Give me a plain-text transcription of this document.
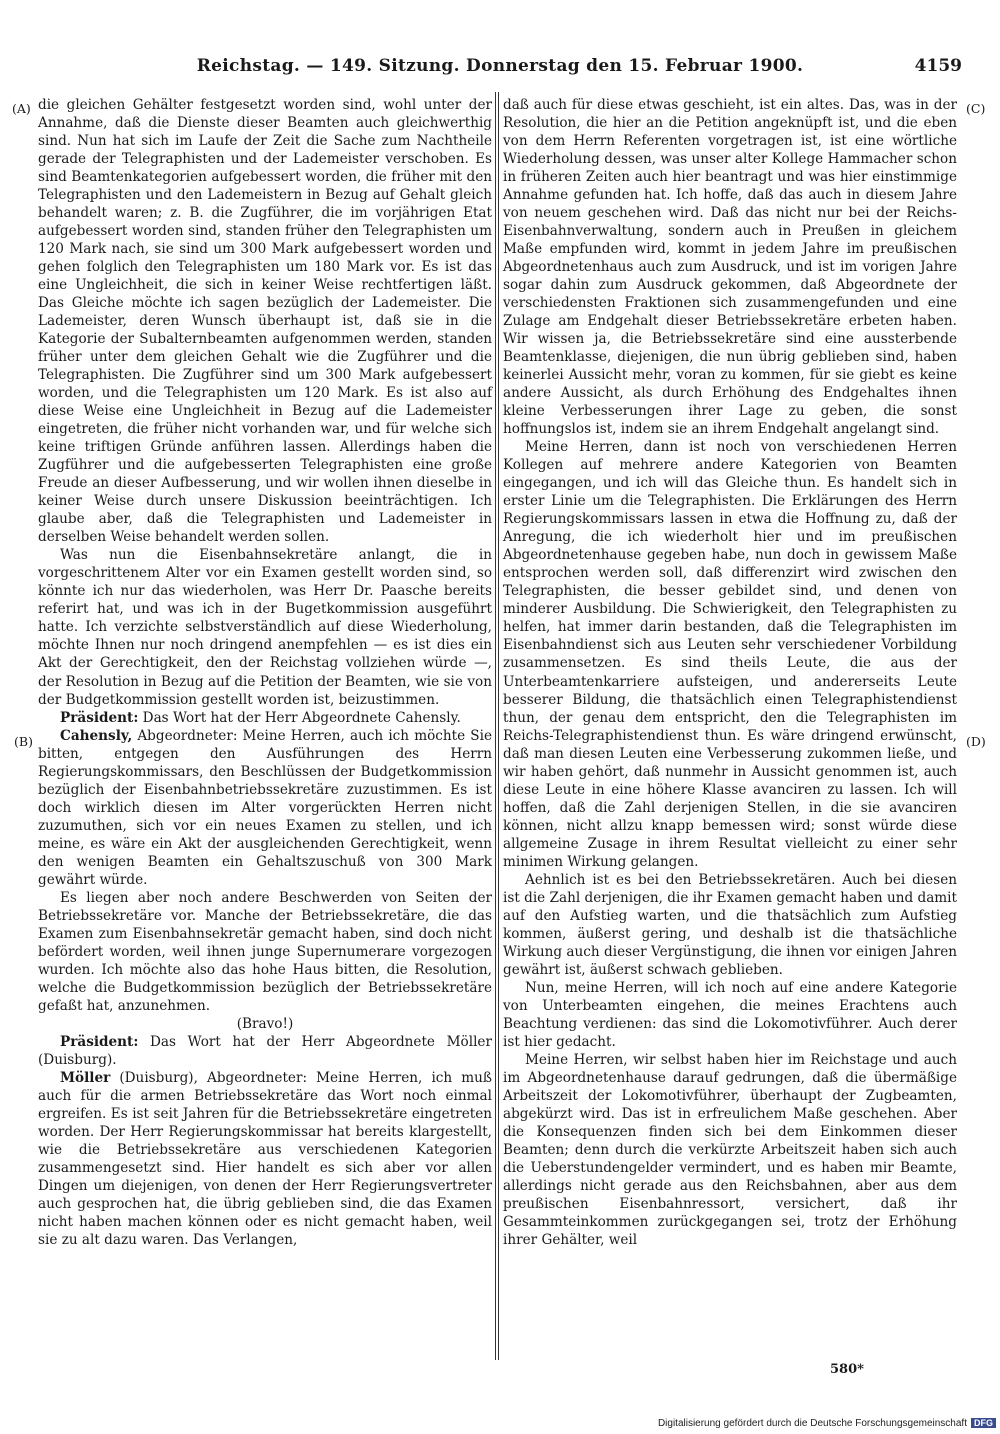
Reichstag. — 149. Sitzung. Donnerstag den 15. Februar 1900.	4159
(A)
(B)
(C)
(D)

die gleichen Gehälter festgesetzt worden sind, wohl unter der Annahme, daß die Dienste dieser Beamten auch gleichwerthig sind. Nun hat sich im Laufe der Zeit die Sache zum Nachtheile gerade der Telegraphisten und der Lademeister verschoben. Es sind Beamtenkategorien aufgebessert worden, die früher mit den Telegraphisten und den Lademeistern in Bezug auf Gehalt gleich behandelt waren; z. B. die Zugführer, die im vorjährigen Etat aufgebessert worden sind, standen früher den Telegraphisten um 120 Mark nach, sie sind um 300 Mark aufgebessert worden und gehen folglich den Telegraphisten um 180 Mark vor. Es ist das eine Ungleichheit, die sich in keiner Weise rechtfertigen läßt. Das Gleiche möchte ich sagen bezüglich der Lademeister. Die Lademeister, deren Wunsch überhaupt ist, daß sie in die Kategorie der Subalternbeamten aufgenommen werden, standen früher unter dem gleichen Gehalt wie die Zugführer und die Telegraphisten. Die Zugführer sind um 300 Mark aufgebessert worden, und die Telegraphisten um 120 Mark. Es ist also auf diese Weise eine Ungleichheit in Bezug auf die Lademeister eingetreten, die früher nicht vorhanden war, und für welche sich keine triftigen Gründe anführen lassen. Allerdings haben die Zugführer und die aufgebesserten Telegraphisten eine große Freude an dieser Aufbesserung, und wir wollen ihnen dieselbe in keiner Weise durch unsere Diskussion beeinträchtigen. Ich glaube aber, daß die Telegraphisten und Lademeister in derselben Weise behandelt werden sollen.

Was nun die Eisenbahnsekretäre anlangt, die in vorgeschrittenem Alter vor ein Examen gestellt worden sind, so könnte ich nur das wiederholen, was Herr Dr. Paasche bereits referirt hat, und was ich in der Bugetkommission ausgeführt hatte. Ich verzichte selbstverständlich auf diese Wiederholung, möchte Ihnen nur noch dringend anempfehlen — es ist dies ein Akt der Gerechtigkeit, den der Reichstag vollziehen würde —, der Resolution in Bezug auf die Petition der Beamten, wie sie von der Budgetkommission gestellt worden ist, beizustimmen.

Präsident: Das Wort hat der Herr Abgeordnete Cahensly.

Cahensly, Abgeordneter: Meine Herren, auch ich möchte Sie bitten, entgegen den Ausführungen des Herrn Regierungskommissars, den Beschlüssen der Budgetkommission bezüglich der Eisenbahnbetriebssekretäre zuzustimmen. Es ist doch wirklich diesen im Alter vorgerückten Herren nicht zuzumuthen, sich vor ein neues Examen zu stellen, und ich meine, es wäre ein Akt der ausgleichenden Gerechtigkeit, wenn den wenigen Beamten ein Gehaltszuschuß von 300 Mark gewährt würde.

Es liegen aber noch andere Beschwerden von Seiten der Betriebssekretäre vor. Manche der Betriebssekretäre, die das Examen zum Eisenbahnsekretär gemacht haben, sind doch nicht befördert worden, weil ihnen junge Supernumerare vorgezogen wurden. Ich möchte also das hohe Haus bitten, die Resolution, welche die Budgetkommission bezüglich der Betriebssekretäre gefaßt hat, anzunehmen.

(Bravo!)

Präsident: Das Wort hat der Herr Abgeordnete Möller (Duisburg).

Möller (Duisburg), Abgeordneter: Meine Herren, ich muß auch für die armen Betriebssekretäre das Wort noch einmal ergreifen. Es ist seit Jahren für die Betriebssekretäre eingetreten worden. Der Herr Regierungskommissar hat bereits klargestellt, wie die Betriebssekretäre aus verschiedenen Kategorien zusammengesetzt sind. Hier handelt es sich aber vor allen Dingen um diejenigen, von denen der Herr Regierungsvertreter auch gesprochen hat, die übrig geblieben sind, die das Examen nicht haben machen können oder es nicht gemacht haben, weil sie zu alt dazu waren. Das Verlangen,

daß auch für diese etwas geschieht, ist ein altes. Das, was in der Resolution, die hier an die Petition angeknüpft ist, und die eben von dem Herrn Referenten vorgetragen ist, ist eine wörtliche Wiederholung dessen, was unser alter Kollege Hammacher schon in früheren Zeiten auch hier beantragt und was hier einstimmige Annahme gefunden hat. Ich hoffe, daß das auch in diesem Jahre von neuem geschehen wird. Daß das nicht nur bei der Reichs-Eisenbahnverwaltung, sondern auch in Preußen in gleichem Maße empfunden wird, kommt in jedem Jahre im preußischen Abgeordnetenhaus auch zum Ausdruck, und ist im vorigen Jahre sogar dahin zum Ausdruck gekommen, daß Abgeordnete der verschiedensten Fraktionen sich zusammengefunden und eine Zulage am Endgehalt dieser Betriebssekretäre erbeten haben. Wir wissen ja, die Betriebssekretäre sind eine aussterbende Beamtenklasse, diejenigen, die nun übrig geblieben sind, haben keinerlei Aussicht mehr, voran zu kommen, für sie giebt es keine andere Aussicht, als durch Erhöhung des Endgehaltes ihnen kleine Verbesserungen ihrer Lage zu geben, die sonst hoffnungslos ist, indem sie an ihrem Endgehalt angelangt sind.

Meine Herren, dann ist noch von verschiedenen Herren Kollegen auf mehrere andere Kategorien von Beamten eingegangen, und ich will das Gleiche thun. Es handelt sich in erster Linie um die Telegraphisten. Die Erklärungen des Herrn Regierungskommissars lassen in etwa die Hoffnung zu, daß der Anregung, die ich wiederholt hier und im preußischen Abgeordnetenhause gegeben habe, nun doch in gewissem Maße entsprochen werden soll, daß differenzirt wird zwischen den Telegraphisten, die besser gebildet sind, und denen von minderer Ausbildung. Die Schwierigkeit, den Telegraphisten zu helfen, hat immer darin bestanden, daß die Telegraphisten im Eisenbahndienst sich aus Leuten sehr verschiedener Vorbildung zusammensetzen. Es sind theils Leute, die aus der Unterbeamtenkarriere aufsteigen, und andererseits Leute besserer Bildung, die thatsächlich einen Telegraphistendienst thun, der genau dem entspricht, den die Telegraphisten im Reichs-Telegraphistendienst thun. Es wäre dringend erwünscht, daß man diesen Leuten eine Verbesserung zukommen ließe, und wir haben gehört, daß nunmehr in Aussicht genommen ist, auch diese Leute in eine höhere Klasse avanciren zu lassen. Ich will hoffen, daß die Zahl derjenigen Stellen, in die sie avanciren können, nicht allzu knapp bemessen wird; sonst würde diese allgemeine Zusage in ihrem Resultat vielleicht zu einer sehr minimen Wirkung gelangen.

Aehnlich ist es bei den Betriebssekretären. Auch bei diesen ist die Zahl derjenigen, die ihr Examen gemacht haben und damit auf den Aufstieg warten, und die thatsächlich zum Aufstieg kommen, äußerst gering, und deshalb ist die thatsächliche Wirkung auch dieser Vergünstigung, die ihnen vor einigen Jahren gewährt ist, äußerst schwach geblieben.

Nun, meine Herren, will ich noch auf eine andere Kategorie von Unterbeamten eingehen, die meines Erachtens auch Beachtung verdienen: das sind die Lokomotivführer. Auch derer ist hier gedacht.

Meine Herren, wir selbst haben hier im Reichstage und auch im Abgeordnetenhause darauf gedrungen, daß die übermäßige Arbeitszeit der Lokomotivführer, überhaupt der Zugbeamten, abgekürzt wird. Das ist in erfreulichem Maße geschehen. Aber die Konsequenzen finden sich bei dem Einkommen dieser Beamten; denn durch die verkürzte Arbeitszeit haben sich auch die Ueberstundengelder vermindert, und es haben mir Beamte, allerdings nicht gerade aus den Reichsbahnen, aber aus dem preußischen Eisenbahnressort, versichert, daß ihr Gesammteinkommen zurückgegangen sei, trotz der Erhöhung ihrer Gehälter, weil

580*
Digitalisierung gefördert durch die Deutsche Forschungsgemeinschaft DFG
